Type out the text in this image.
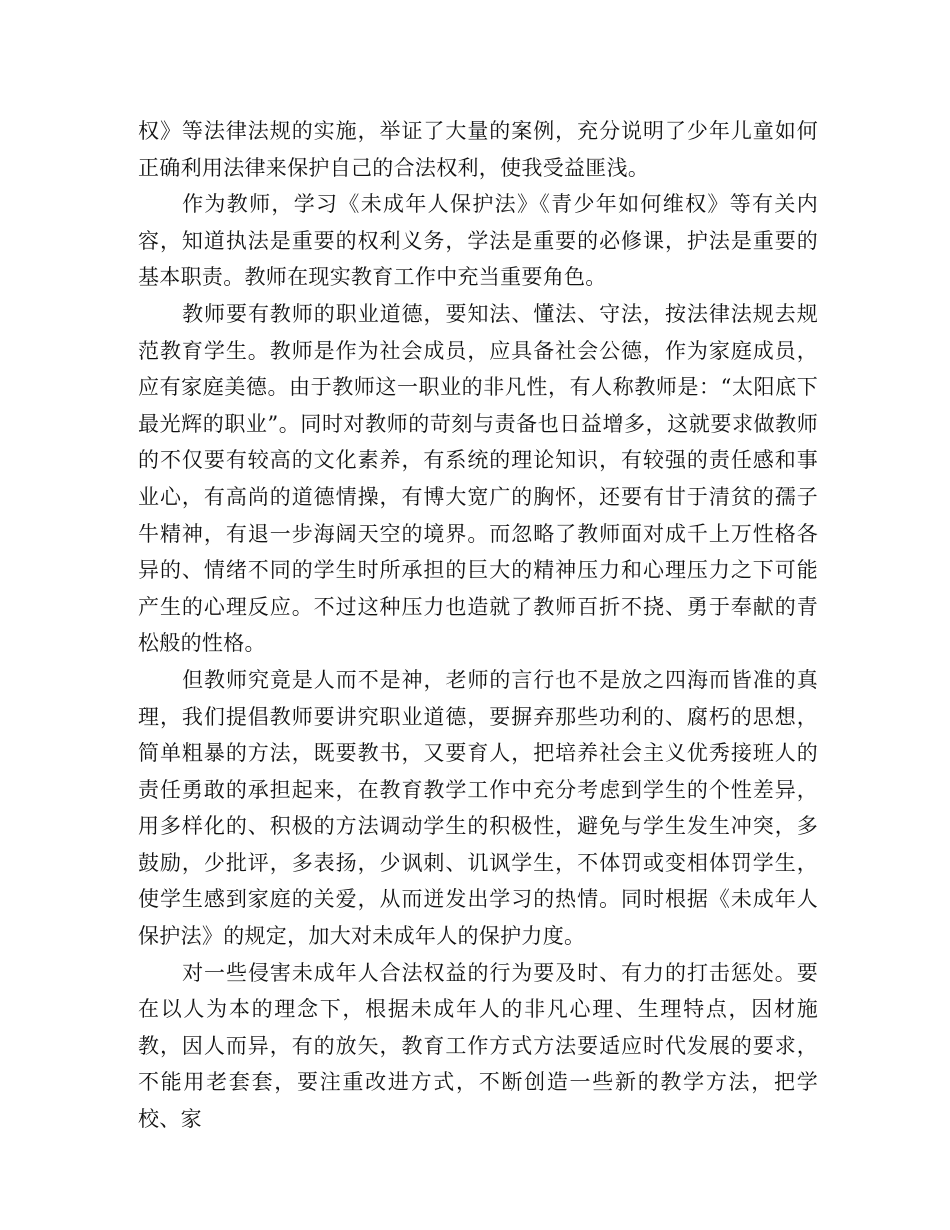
权》等法律法规的实施，举证了大量的案例，充分说明了少年儿童如何正确利用法律来保护自己的合法权利，使我受益匪浅。

作为教师，学习《未成年人保护法》《青少年如何维权》等有关内容，知道执法是重要的权利义务，学法是重要的必修课，护法是重要的基本职责。教师在现实教育工作中充当重要角色。

教师要有教师的职业道德，要知法、懂法、守法，按法律法规去规范教育学生。教师是作为社会成员，应具备社会公德，作为家庭成员，应有家庭美德。由于教师这一职业的非凡性，有人称教师是：“太阳底下最光辉的职业”。同时对教师的苛刻与责备也日益增多，这就要求做教师的不仅要有较高的文化素养，有系统的理论知识，有较强的责任感和事业心，有高尚的道德情操，有博大宽广的胸怀，还要有甘于清贫的孺子牛精神，有退一步海阔天空的境界。而忽略了教师面对成千上万性格各异的、情绪不同的学生时所承担的巨大的精神压力和心理压力之下可能产生的心理反应。不过这种压力也造就了教师百折不挠、勇于奉献的青松般的性格。

但教师究竟是人而不是神，老师的言行也不是放之四海而皆准的真理，我们提倡教师要讲究职业道德，要摒弃那些功利的、腐朽的思想，简单粗暴的方法，既要教书，又要育人，把培养社会主义优秀接班人的责任勇敢的承担起来，在教育教学工作中充分考虑到学生的个性差异，用多样化的、积极的方法调动学生的积极性，避免与学生发生冲突，多鼓励，少批评，多表扬，少讽刺、讥讽学生，不体罚或变相体罚学生，使学生感到家庭的关爱，从而迸发出学习的热情。同时根据《未成年人保护法》的规定，加大对未成年人的保护力度。

对一些侵害未成年人合法权益的行为要及时、有力的打击惩处。要在以人为本的理念下，根据未成年人的非凡心理、生理特点，因材施教，因人而异，有的放矢，教育工作方式方法要适应时代发展的要求，不能用老套套，要注重改进方式，不断创造一些新的教学方法，把学校、家
